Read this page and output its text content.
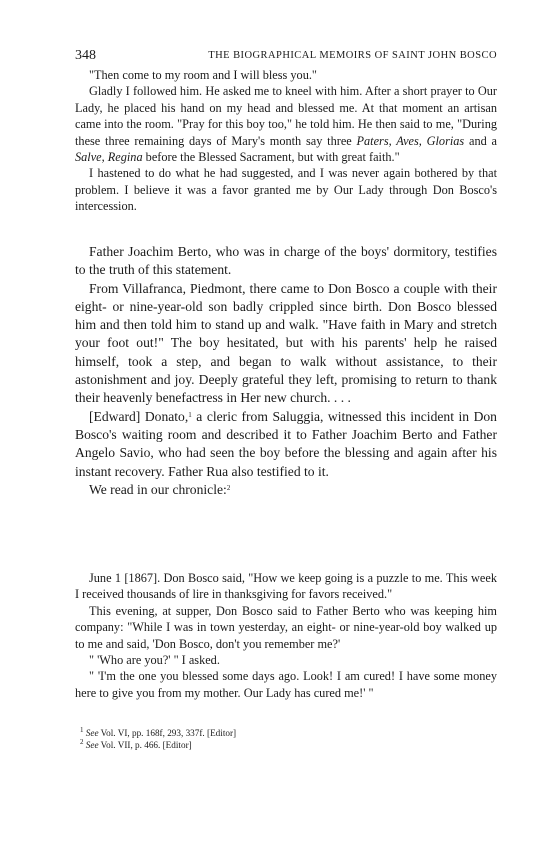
348	THE BIOGRAPHICAL MEMOIRS OF SAINT JOHN BOSCO

"Then come to my room and I will bless you."

Gladly I followed him. He asked me to kneel with him. After a short prayer to Our Lady, he placed his hand on my head and blessed me. At that moment an artisan came into the room. "Pray for this boy too," he told him. He then said to me, "During these three remaining days of Mary's month say three Paters, Aves, Glorias and a Salve, Regina before the Blessed Sacrament, but with great faith."

I hastened to do what he had suggested, and I was never again bothered by that problem. I believe it was a favor granted me by Our Lady through Don Bosco's intercession.

Father Joachim Berto, who was in charge of the boys' dormitory, testifies to the truth of this statement.

From Villafranca, Piedmont, there came to Don Bosco a couple with their eight- or nine-year-old son badly crippled since birth. Don Bosco blessed him and then told him to stand up and walk. "Have faith in Mary and stretch your foot out!" The boy hesitated, but with his parents' help he raised himself, took a step, and began to walk without assistance, to their astonishment and joy. Deeply grateful they left, promising to return to thank their heavenly benefactress in Her new church. . . .

[Edward] Donato,$^1$ a cleric from Saluggia, witnessed this incident in Don Bosco's waiting room and described it to Father Joachim Berto and Father Angelo Savio, who had seen the boy before the blessing and again after his instant recovery. Father Rua also testified to it.

We read in our chronicle:$^2$

June 1 [1867]. Don Bosco said, "How we keep going is a puzzle to me. This week I received thousands of lire in thanksgiving for favors received."

This evening, at supper, Don Bosco said to Father Berto who was keeping him company: "While I was in town yesterday, an eight- or nine-year-old boy walked up to me and said, 'Don Bosco, don't you remember me?'

" 'Who are you?' " I asked.

" 'I'm the one you blessed some days ago. Look! I am cured! I have some money here to give you from my mother. Our Lady has cured me!' "

$^1$ See Vol. VI, pp. 168f, 293, 337f. [Editor]

$^2$ See Vol. VII, p. 466. [Editor]
